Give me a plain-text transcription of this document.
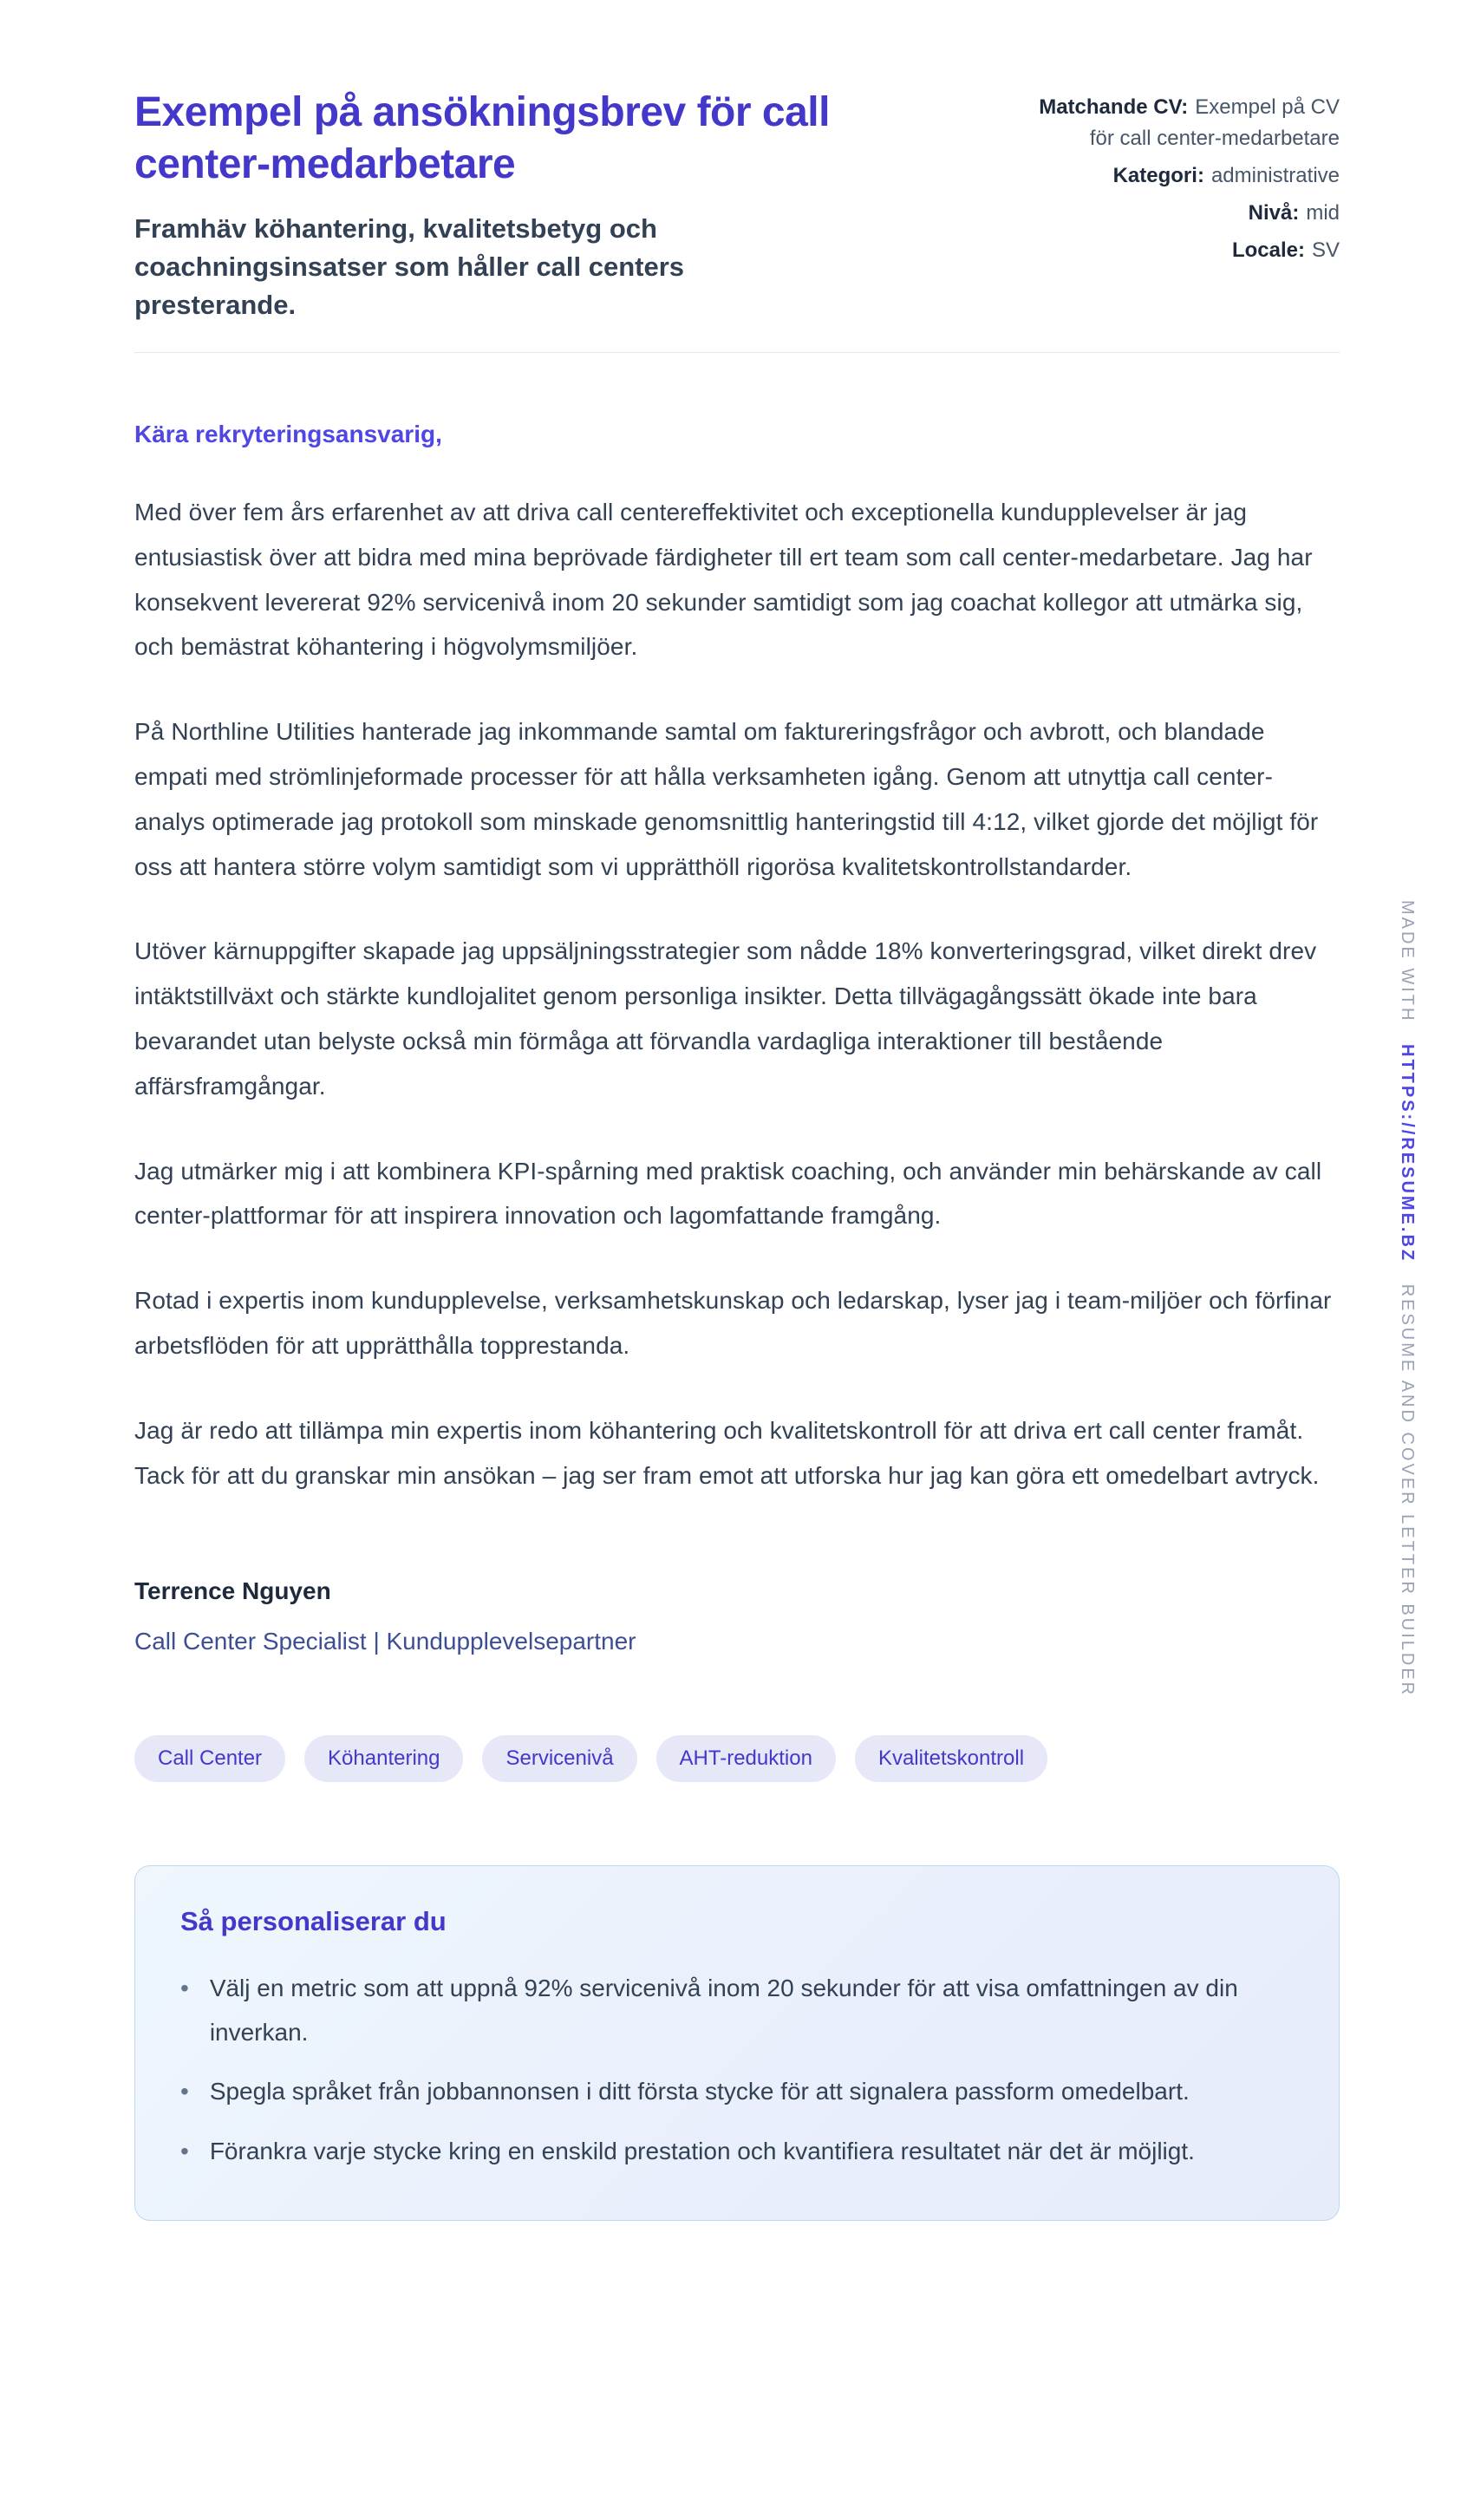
Exempel på ansökningsbrev för call center-medarbetare

Framhäv köhantering, kvalitetsbetyg och coachningsinsatser som håller call centers presterande.

Matchande CV: Exempel på CV för call center-medarbetare
Kategori: administrative
Nivå: mid
Locale: SV

Kära rekryteringsansvarig,

Med över fem års erfarenhet av att driva call centereffektivitet och exceptionella kundupplevelser är jag entusiastisk över att bidra med mina beprövade färdigheter till ert team som call center-medarbetare. Jag har konsekvent levererat 92% servicenivå inom 20 sekunder samtidigt som jag coachat kollegor att utmärka sig, och bemästrat köhantering i högvolymsmiljöer.

På Northline Utilities hanterade jag inkommande samtal om faktureringsfrågor och avbrott, och blandade empati med strömlinjeformade processer för att hålla verksamheten igång. Genom att utnyttja call center-analys optimerade jag protokoll som minskade genomsnittlig hanteringstid till 4:12, vilket gjorde det möjligt för oss att hantera större volym samtidigt som vi upprätthöll rigorösa kvalitetskontrollstandarder.

Utöver kärnuppgifter skapade jag uppsäljningsstrategier som nådde 18% konverteringsgrad, vilket direkt drev intäktstillväxt och stärkte kundlojalitet genom personliga insikter. Detta tillvägagångssätt ökade inte bara bevarandet utan belyste också min förmåga att förvandla vardagliga interaktioner till bestående affärsframgångar.

Jag utmärker mig i att kombinera KPI-spårning med praktisk coaching, och använder min behärskande av call center-plattformar för att inspirera innovation och lagomfattande framgång.

Rotad i expertis inom kundupplevelse, verksamhetskunskap och ledarskap, lyser jag i team-miljöer och förfinar arbetsflöden för att upprätthålla topprestanda.

Jag är redo att tillämpa min expertis inom köhantering och kvalitetskontroll för att driva ert call center framåt. Tack för att du granskar min ansökan – jag ser fram emot att utforska hur jag kan göra ett omedelbart avtryck.

Terrence Nguyen

Call Center Specialist | Kundupplevelsepartner

Call Center	Köhantering	Servicenivå	AHT-reduktion	Kvalitetskontroll
Så personaliserar du
• Välj en metric som att uppnå 92% servicenivå inom 20 sekunder för att visa omfattningen av din inverkan.
• Spegla språket från jobbannonsen i ditt första stycke för att signalera passform omedelbart.
• Förankra varje stycke kring en enskild prestation och kvantifiera resultatet när det är möjligt.
MADE WITH HTTPS://RESUME.BZ RESUME AND COVER LETTER BUILDER
